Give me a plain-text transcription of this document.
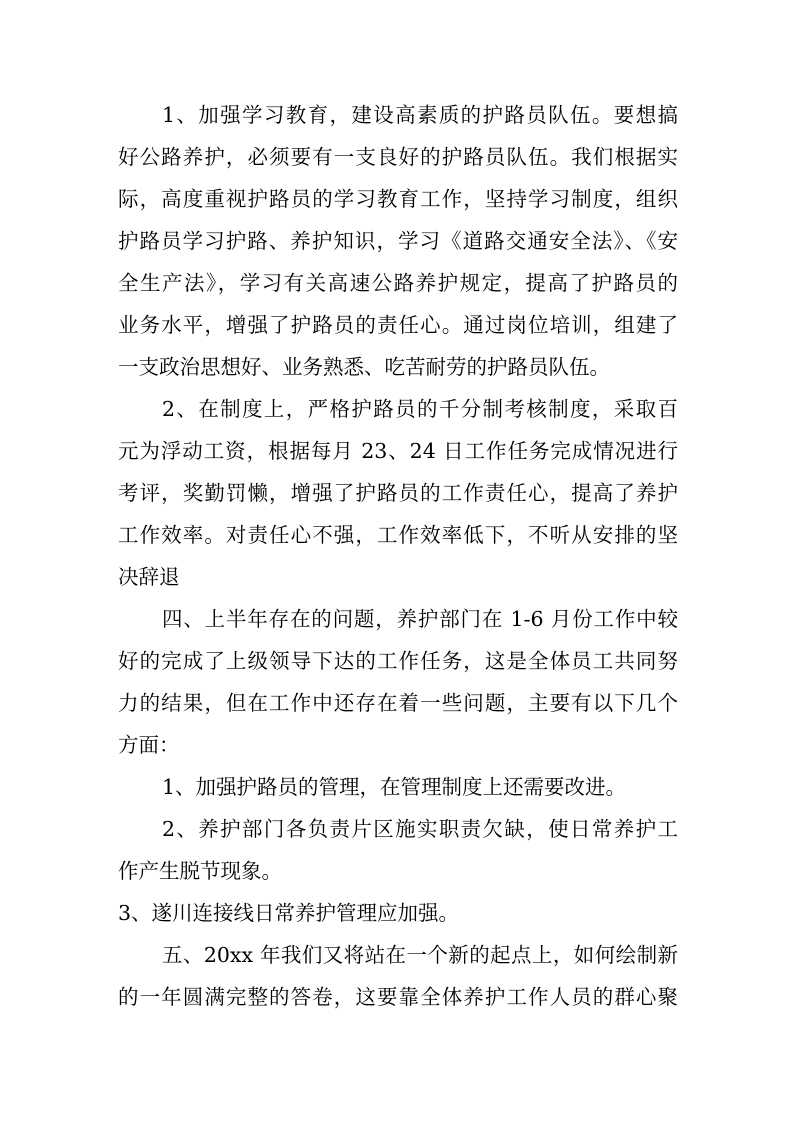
1、加强学习教育，建设高素质的护路员队伍。要想搞
好公路养护，必须要有一支良好的护路员队伍。我们根据实
际，高度重视护路员的学习教育工作，坚持学习制度，组织
护路员学习护路、养护知识，学习《道路交通安全法》、《安
全生产法》，学习有关高速公路养护规定，提高了护路员的
业务水平，增强了护路员的责任心。通过岗位培训，组建了
一支政治思想好、业务熟悉、吃苦耐劳的护路员队伍。
2、在制度上，严格护路员的千分制考核制度，采取百
元为浮动工资，根据每月 23、24 日工作任务完成情况进行
考评，奖勤罚懒，增强了护路员的工作责任心，提高了养护
工作效率。对责任心不强，工作效率低下，不听从安排的坚
决辞退
四、上半年存在的问题，养护部门在 1-6 月份工作中较
好的完成了上级领导下达的工作任务，这是全体员工共同努
力的结果，但在工作中还存在着一些问题，主要有以下几个
方面：
1、加强护路员的管理，在管理制度上还需要改进。
2、养护部门各负责片区施实职责欠缺，使日常养护工
作产生脱节现象。
3、遂川连接线日常养护管理应加强。
五、20xx 年我们又将站在一个新的起点上，如何绘制新
的一年圆满完整的答卷，这要靠全体养护工作人员的群心聚
